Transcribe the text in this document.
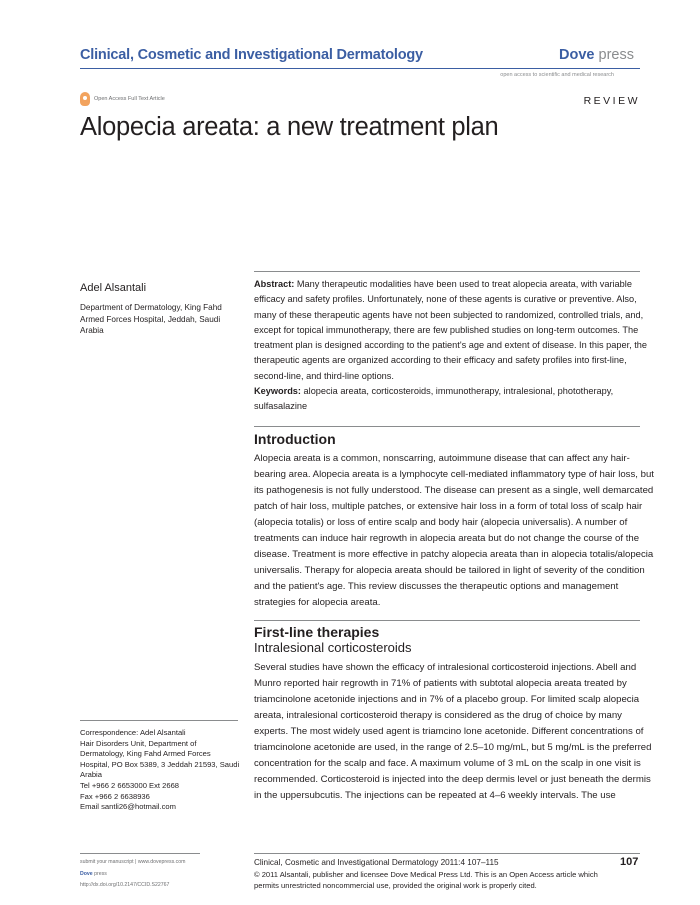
Clinical, Cosmetic and Investigational Dermatology	Dove press
open access to scientific and medical research
Open Access Full Text Article	REVIEW
Alopecia areata: a new treatment plan
Adel Alsantali
Department of Dermatology, King Fahd Armed Forces Hospital, Jeddah, Saudi Arabia
Abstract: Many therapeutic modalities have been used to treat alopecia areata, with variable efficacy and safety profiles. Unfortunately, none of these agents is curative or preventive. Also, many of these therapeutic agents have not been subjected to randomized, controlled trials, and, except for topical immunotherapy, there are few published studies on long-term outcomes. The treatment plan is designed according to the patient's age and extent of disease. In this paper, the therapeutic agents are organized according to their efficacy and safety profiles into first-line, second-line, and third-line options.
Keywords: alopecia areata, corticosteroids, immunotherapy, intralesional, phototherapy, sulfasalazine
Introduction
Alopecia areata is a common, nonscarring, autoimmune disease that can affect any hair-bearing area. Alopecia areata is a lymphocyte cell-mediated inflammatory type of hair loss, but its pathogenesis is not fully understood. The disease can present as a single, well demarcated patch of hair loss, multiple patches, or extensive hair loss in a form of total loss of scalp hair (alopecia totalis) or loss of entire scalp and body hair (alopecia universalis). A number of treatments can induce hair regrowth in alopecia areata but do not change the course of the disease. Treatment is more effective in patchy alopecia areata than in alopecia totalis/alopecia universalis. Therapy for alopecia areata should be tailored in light of severity of the condition and the patient's age. This review discusses the therapeutic options and management strategies for alopecia areata.
First-line therapies
Intralesional corticosteroids
Several studies have shown the efficacy of intralesional corticosteroid injections. Abell and Munro reported hair regrowth in 71% of patients with subtotal alopecia areata treated by triamcinolone acetonide injections and in 7% of a placebo group. For limited scalp alopecia areata, intralesional corticosteroid therapy is considered as the drug of choice by many experts. The most widely used agent is triamcino lone acetonide. Different concentrations of triamcinolone acetonide are used, in the range of 2.5–10 mg/mL, but 5 mg/mL is the preferred concentration for the scalp and face. A maximum volume of 3 mL on the scalp in one visit is recommended. Corticosteroid is injected into the deep dermis level or just beneath the dermis in the uppersubcutis. The injections can be repeated at 4–6 weekly intervals. The use
Correspondence: Adel Alsantali
Hair Disorders Unit, Department of Dermatology, King Fahd Armed Forces Hospital, PO Box 5389, 3 Jeddah 21593, Saudi Arabia
Tel +966 2 6653000 Ext 2668
Fax +966 2 6638936
Email santli26@hotmail.com
submit your manuscript | www.dovepress.com
Dove press
http://dx.doi.org/10.2147/CCID.S22767
Clinical, Cosmetic and Investigational Dermatology 2011:4 107–115
© 2011 Alsantali, publisher and licensee Dove Medical Press Ltd. This is an Open Access article which permits unrestricted noncommercial use, provided the original work is properly cited.
107
